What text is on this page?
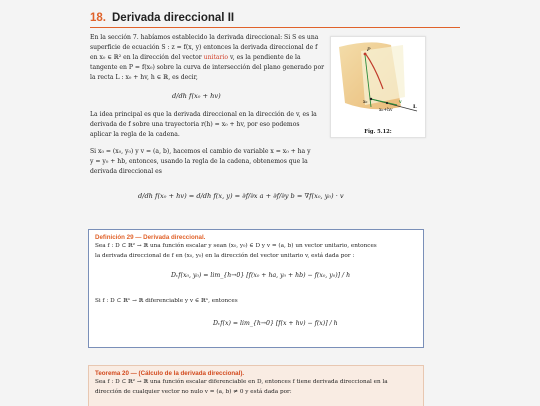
18. Derivada direccional II
En la sección 7. habíamos establecido la derivada direccional: Si S es una
superficie de ecuación S : z = f(x, y) entonces la derivada direccional de f
en x₀ ∈ ℝ² en la dirección del vector unitario v, es la pendiente de la
tangente en P = f(x₀) sobre la curva de intersección del plano generado por
la recta L : x₀ + hv, h ∈ ℝ, es decir,
d/dh f(x₀ + hv)
La idea principal es que la derivada direccional en la dirección de v, es la
derivada de f sobre una trayectoria r(h) = x₀ + hv, por eso podemos
aplicar la regla de la cadena.
Si x₀ = (x₀, y₀) y v = (a, b), hacemos el cambio de variable x = x₀ + ha y
y = y₀ + hb, entonces, usando la regla de la cadena, obtenemos que la
derivada direccional es
d/dh f(x₀ + hv) = d/dh f(x, y) = ∂f/∂x a + ∂f/∂y b = ∇f(x₀, y₀) · v
P
x₀
x₀+hv
v
L
Fig. 5.12:
Definición 29 — Derivada direccional.
Sea f : D ⊂ ℝ² → ℝ una función escalar y sean (x₀, y₀) ∈ D y v = (a, b) un vector unitario, entonces
la derivada direccional de f en (x₀, y₀) en la dirección del vector unitario v, está dada por :
Dᵥf(x₀, y₀) = lim_{h→0} [f(x₀ + ha, y₀ + hb) − f(x₀, y₀)] / h
Si f : D ⊂ ℝⁿ → ℝ diferenciable y v ∈ ℝⁿ, entonces
Dᵥf(x) = lim_{h→0} [f(x + hv) − f(x)] / h
Teorema 20 — (Cálculo de la derivada direccional).
Sea f : D ⊂ ℝ² → ℝ una función escalar diferenciable en D, entonces f tiene derivada direccional en la
dirección de cualquier vector no nulo v = (a, b) ≠ 0 y está dada por:
